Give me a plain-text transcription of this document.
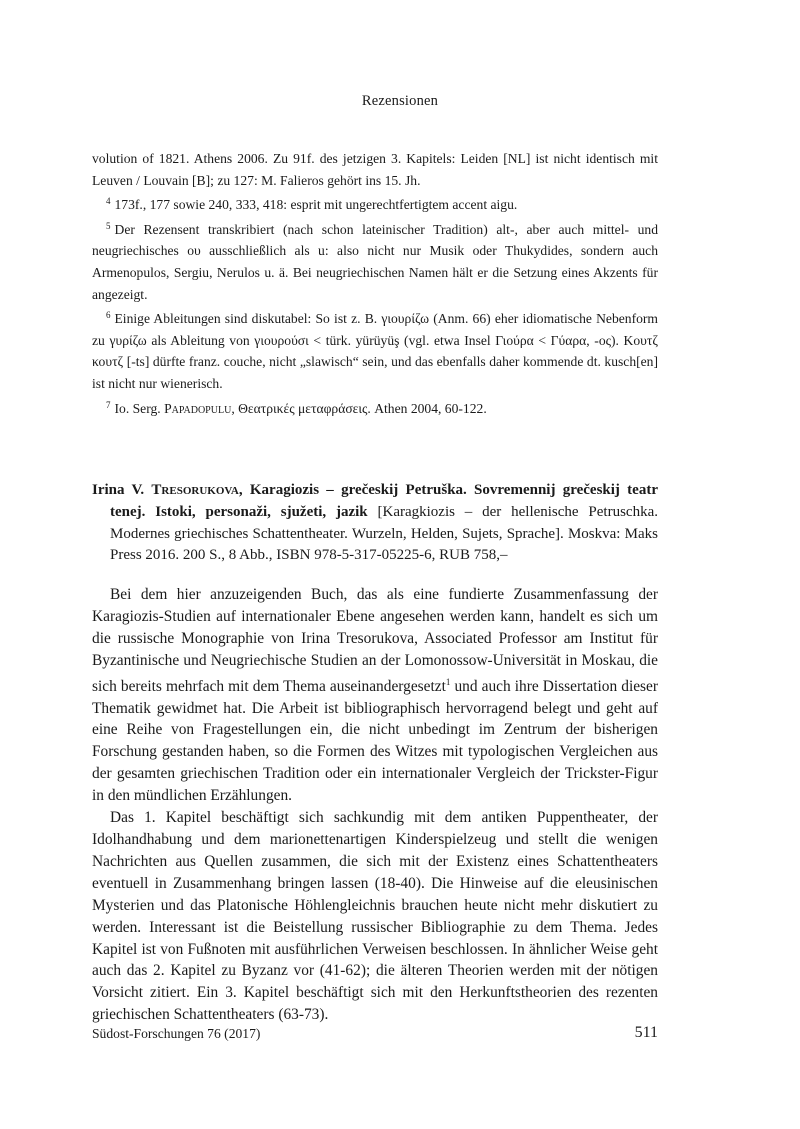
Rezensionen

volution of 1821. Athens 2006. Zu 91f. des jetzigen 3. Kapitels: Leiden [NL] ist nicht identisch mit Leuven / Louvain [B]; zu 127: M. Falieros gehört ins 15. Jh.

$^4$ 173f., 177 sowie 240, 333, 418: esprit mit ungerechtfertigtem accent aigu.

$^5$ Der Rezensent transkribiert (nach schon lateinischer Tradition) alt-, aber auch mittel- und neugriechisches ου ausschließlich als u: also nicht nur Musik oder Thukydides, sondern auch Armenopulos, Sergiu, Nerulos u. ä. Bei neugriechischen Namen hält er die Setzung eines Akzents für angezeigt.

$^6$ Einige Ableitungen sind diskutabel: So ist z. B. γιουρίζω (Anm. 66) eher idiomatische Nebenform zu γυρίζω als Ableitung von γιουρούσι < türk. yürüyüş (vgl. etwa Insel Γιούρα < Γύαρα, -ος). Κουτζ κουτζ [-ts] dürfte franz. couche, nicht „slawisch“ sein, und das ebenfalls daher kommende dt. kusch[en] ist nicht nur wienerisch.

$^7$ Io. Serg. Papadopulu, Θεατρικές μεταφράσεις. Athen 2004, 60-122.

Irina V. Tresorukova, Karagiozis – grečeskij Petruška. Sovremennij grečeskij teatr tenej. Istoki, personaži, sjužeti, jazik [Karagkiozis – der hellenische Petruschka. Modernes griechisches Schattentheater. Wurzeln, Helden, Sujets, Sprache]. Moskva: Maks Press 2016. 200 S., 8 Abb., ISBN 978-5-317-05225-6, RUB 758,–

Bei dem hier anzuzeigenden Buch, das als eine fundierte Zusammenfassung der Karagiozis-Studien auf internationaler Ebene angesehen werden kann, handelt es sich um die russische Monographie von Irina Tresorukova, Associated Professor am Institut für Byzantinische und Neugriechische Studien an der Lomonossow-Universität in Moskau, die sich bereits mehrfach mit dem Thema auseinandergesetzt$^1$ und auch ihre Dissertation dieser Thematik gewidmet hat. Die Arbeit ist bibliographisch hervorragend belegt und geht auf eine Reihe von Fragestellungen ein, die nicht unbedingt im Zentrum der bisherigen Forschung gestanden haben, so die Formen des Witzes mit typologischen Vergleichen aus der gesamten griechischen Tradition oder ein internationaler Vergleich der Trickster-Figur in den mündlichen Erzählungen.

Das 1. Kapitel beschäftigt sich sachkundig mit dem antiken Puppentheater, der Idolhandhabung und dem marionettenartigen Kinderspielzeug und stellt die wenigen Nachrichten aus Quellen zusammen, die sich mit der Existenz eines Schattentheaters eventuell in Zusammenhang bringen lassen (18-40). Die Hinweise auf die eleusinischen Mysterien und das Platonische Höhlengleichnis brauchen heute nicht mehr diskutiert zu werden. Interessant ist die Beistellung russischer Bibliographie zu dem Thema. Jedes Kapitel ist von Fußnoten mit ausführlichen Verweisen beschlossen. In ähnlicher Weise geht auch das 2. Kapitel zu Byzanz vor (41-62); die älteren Theorien werden mit der nötigen Vorsicht zitiert. Ein 3. Kapitel beschäftigt sich mit den Herkunftstheorien des rezenten griechischen Schattentheaters (63-73).

Südost-Forschungen 76 (2017)	511
